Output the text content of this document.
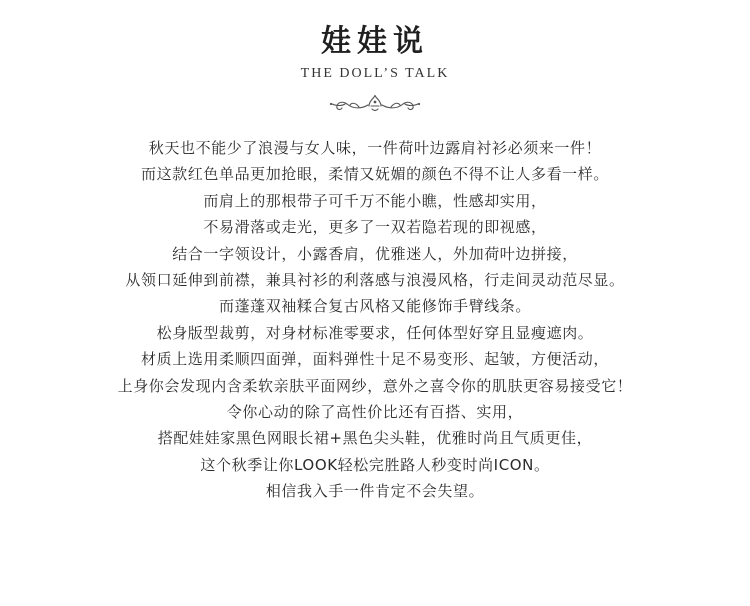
娃娃说
THE DOLL’S TALK
秋天也不能少了浪漫与女人味，一件荷叶边露肩衬衫必须来一件！
而这款红色单品更加抢眼，柔情又妩媚的颜色不得不让人多看一样。
而肩上的那根带子可千万不能小瞧，性感却实用，
不易滑落或走光，更多了一双若隐若现的即视感，
结合一字领设计，小露香肩，优雅迷人，外加荷叶边拼接，
从领口延伸到前襟，兼具衬衫的利落感与浪漫风格，行走间灵动范尽显。
而蓬蓬双袖糅合复古风格又能修饰手臂线条。
松身版型裁剪，对身材标准零要求，任何体型好穿且显瘦遮肉。
材质上选用柔顺四面弹，面料弹性十足不易变形、起皱，方便活动，
上身你会发现内含柔软亲肤平面网纱，意外之喜令你的肌肤更容易接受它！
令你心动的除了高性价比还有百搭、实用，
搭配娃娃家黑色网眼长裙+黑色尖头鞋，优雅时尚且气质更佳，
这个秋季让你LOOK轻松完胜路人秒变时尚ICON。
相信我入手一件肯定不会失望。
